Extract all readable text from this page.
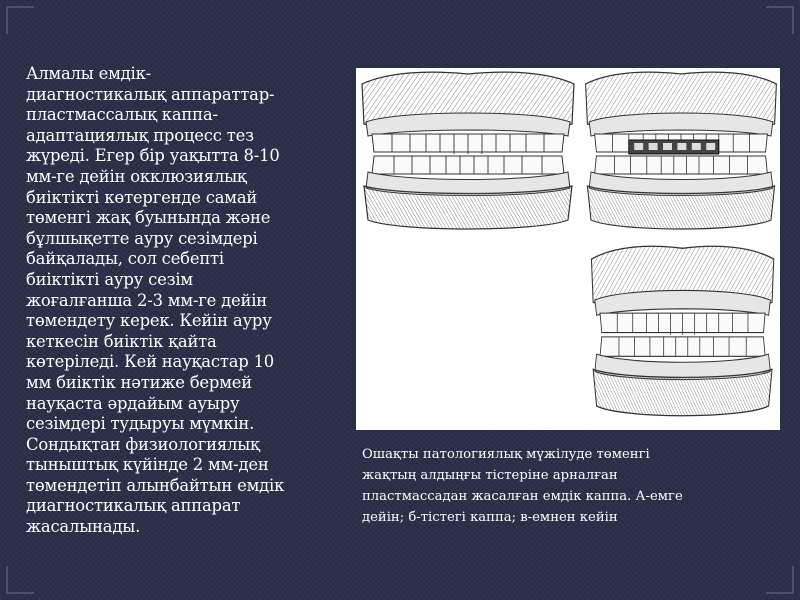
Алмалы емдік-
диагностикалық аппараттар-
пластмассалық каппа-
адаптациялық процесс тез
жүреді. Егер бір уақытта 8-10
мм-ге дейін окклюзиялық
биіктікті көтергенде самай
төменгі жақ буынында және
бұлшықетте ауру сезімдері
байқалады, сол себепті
биіктікті ауру сезім
жоғалғанша 2-3 мм-ге дейін
төмендету керек. Кейін ауру
кеткесін биіктік қайта
көтеріледі. Кей науқастар 10
мм биіктік нәтиже бермей
науқаста әрдайым ауыру
сезімдері тудыруы мүмкін.
Сондықтан физиологиялық
тыныштық күйінде 2 мм-ден
төмендетіп алынбайтын емдік
диагностикалық аппарат
жасалынады.
Ошақты патологиялық мүжілуде төменгі
жақтың алдыңғы тістеріне арналған
пластмассадан жасалған емдік каппа. А-емге
дейін; б-тістегі каппа; в-емнен кейін
